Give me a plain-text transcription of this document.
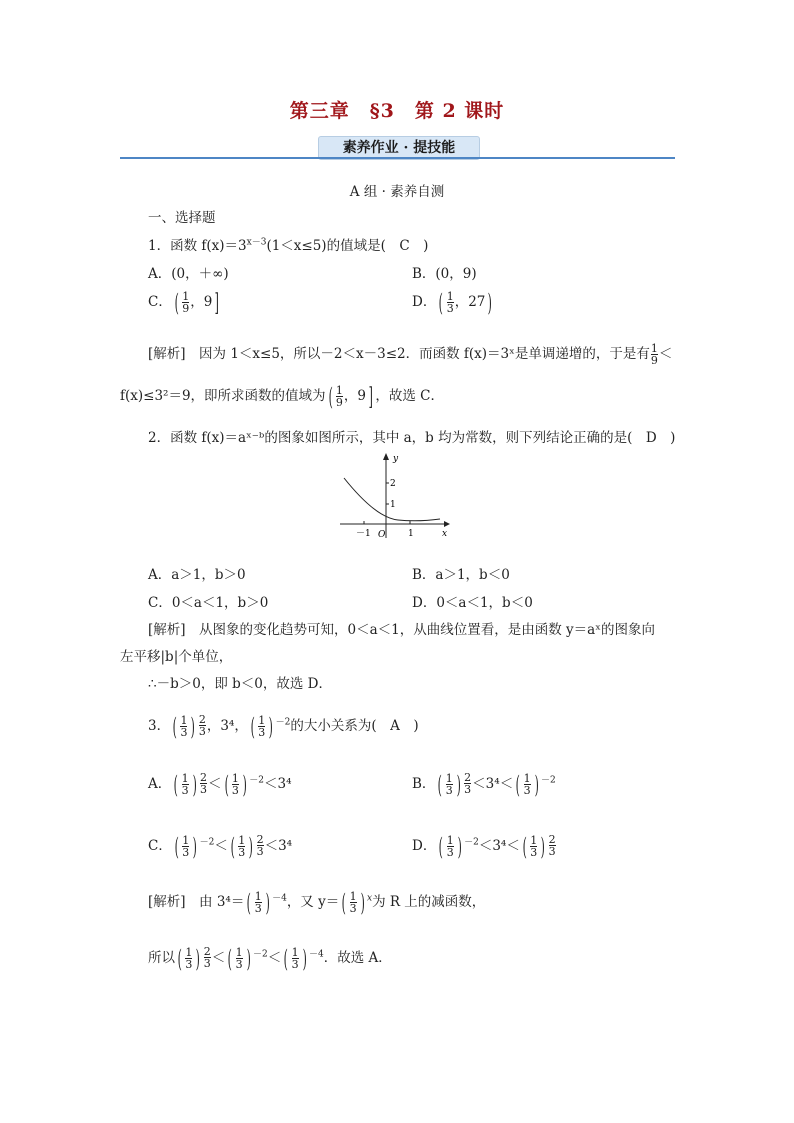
第三章　§3　第 2 课时
素养作业 · 提技能
A 组 · 素养自测
一、选择题
1．函数 $f(x)=3^{x-3}(1<x\le 5)$的值域是(　C　)
A．(0，＋∞)	B．(0，9)
C． ( $\frac{1}{9}$ ，9 ]	D． ( $\frac{1}{3}$ ，27 )
[解析]　因为 1＜x≤5，所以－2＜x－3≤2．而函数 f(x)＝3ˣ是单调递增的，于是有 $\frac{1}{9}$ ＜
f(x)≤3²＝9，即所求函数的值域为 ( $\frac{1}{9}$ ，9 ] ，故选 C．
2．函数 f(x)＝aˣ⁻ᵇ的图象如图所示，其中 a，b 均为常数，则下列结论正确的是(　D　)
y
x
O
－1	1
1
2
A．a＞1，b＞0	B．a＞1，b＜0
C．0＜a＜1，b＞0	D．0＜a＜1，b＜0
[解析]　从图象的变化趋势可知，0＜a＜1，从曲线位置看，是由函数 y＝aˣ的图象向
左平移|b|个单位，
∴－b＞0，即 b＜0，故选 D．
3． ( $\frac{1}{3}$ ) $\frac{2}{3}$ ，3⁴， ( $\frac{1}{3}$ ) $^{-2}$的大小关系为(　A　)
A． ( $\frac{1}{3}$ ) $\frac{2}{3}$ ＜ ( $\frac{1}{3}$ ) $^{-2}$＜3⁴	B． ( $\frac{1}{3}$ ) $\frac{2}{3} <3^4<$ ( $\frac{1}{3}$ ) $^{-2}$
C． ( $\frac{1}{3}$ ) $^{-2}$＜ ( $\frac{1}{3}$ ) $\frac{2}{3} <3^4$	D． ( $\frac{1}{3}$ ) $^{-2}$＜3⁴＜ ( $\frac{1}{3}$ ) $\frac{2}{3}$
[解析]　由 3⁴＝ ( $\frac{1}{3}$ ) $^{-4}$，又 y＝ ( $\frac{1}{3}$ ) $^x$为 R 上的减函数，
所以 ( $\frac{1}{3}$ ) $\frac{2}{3}$ ＜ ( $\frac{1}{3}$ ) $^{-2}$＜ ( $\frac{1}{3}$ ) $^{-4}$．故选 A．
